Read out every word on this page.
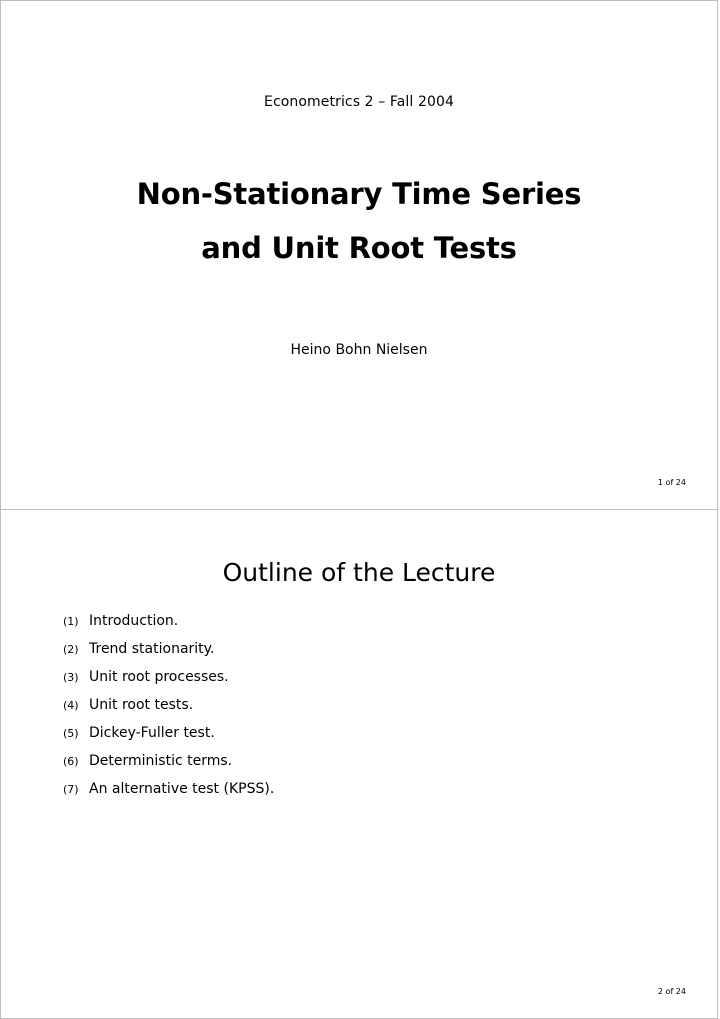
Econometrics 2 – Fall 2004
Non-Stationary Time Series
and Unit Root Tests
Heino Bohn Nielsen
1 of 24
Outline of the Lecture
(1) Introduction.
(2) Trend stationarity.
(3) Unit root processes.
(4) Unit root tests.
(5) Dickey-Fuller test.
(6) Deterministic terms.
(7) An alternative test (KPSS).
2 of 24
